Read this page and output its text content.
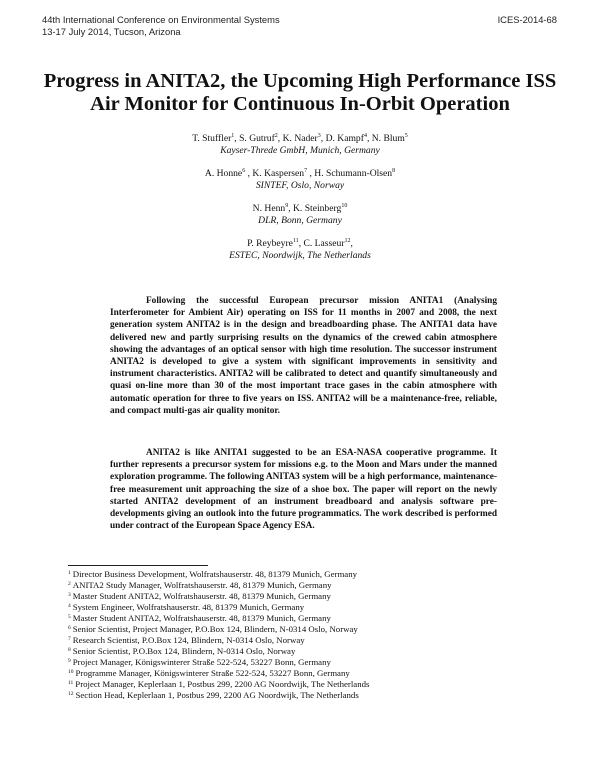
44th International Conference on Environmental Systems
13-17 July 2014, Tucson, Arizona
ICES-2014-68
Progress in ANITA2, the Upcoming High Performance ISS
Air Monitor for Continuous In-Orbit Operation
T. Stuffler$^1$, S. Gutruf$^2$, K. Nader$^3$, D. Kampf$^4$, N. Blum$^5$
Kayser-Threde GmbH, Munich, Germany
A. Honne$^6$ , K. Kaspersen$^7$ , H. Schumann-Olsen$^8$
SINTEF, Oslo, Norway
N. Henn$^9$, K. Steinberg$^{10}$
DLR, Bonn, Germany
P. Reybeyre$^{11}$, C. Lasseur$^{12}$,
ESTEC, Noordwijk, The Netherlands

Following the successful European precursor mission ANITA1 (Analysing Interferometer for Ambient Air) operating on ISS for 11 months in 2007 and 2008, the next generation system ANITA2 is in the design and breadboarding phase. The ANITA1 data have delivered new and partly surprising results on the dynamics of the crewed cabin atmosphere showing the advantages of an optical sensor with high time resolution. The successor instrument ANITA2 is developed to give a system with significant improvements in sensitivity and instrument characteristics. ANITA2 will be calibrated to detect and quantify simultaneously and quasi on-line more than 30 of the most important trace gases in the cabin atmosphere with automatic operation for three to five years on ISS. ANITA2 will be a maintenance-free, reliable, and compact multi-gas air quality monitor.

ANITA2 is like ANITA1 suggested to be an ESA-NASA cooperative programme. It further represents a precursor system for missions e.g. to the Moon and Mars under the manned exploration programme. The following ANITA3 system will be a high performance, maintenance-free measurement unit approaching the size of a shoe box. The paper will report on the newly started ANITA2 development of an instrument breadboard and analysis software pre-developments giving an outlook into the future programmatics. The work described is performed under contract of the European Space Agency ESA.

$^1$ Director Business Development, Wolfratshauserstr. 48, 81379 Munich, Germany
$^2$ ANITA2 Study Manager, Wolfratshauserstr. 48, 81379 Munich, Germany
$^3$ Master Student ANITA2, Wolfratshauserstr. 48, 81379 Munich, Germany
$^4$ System Engineer, Wolfratshauserstr. 48, 81379 Munich, Germany
$^5$ Master Student ANITA2, Wolfratshauserstr. 48, 81379 Munich, Germany
$^6$ Senior Scientist, Project Manager, P.O.Box 124, Blindern, N-0314 Oslo, Norway
$^7$ Research Scientist, P.O.Box 124, Blindern, N-0314 Oslo, Norway
$^8$ Senior Scientist, P.O.Box 124, Blindern, N-0314 Oslo, Norway
$^9$ Project Manager, Königswinterer Straße 522-524, 53227 Bonn, Germany
$^{10}$ Programme Manager, Königswinterer Straße 522-524, 53227 Bonn, Germany
$^{11}$ Project Manager, Keplerlaan 1, Postbus 299, 2200 AG Noordwijk, The Netherlands
$^{12}$ Section Head, Keplerlaan 1, Postbus 299, 2200 AG Noordwijk, The Netherlands
